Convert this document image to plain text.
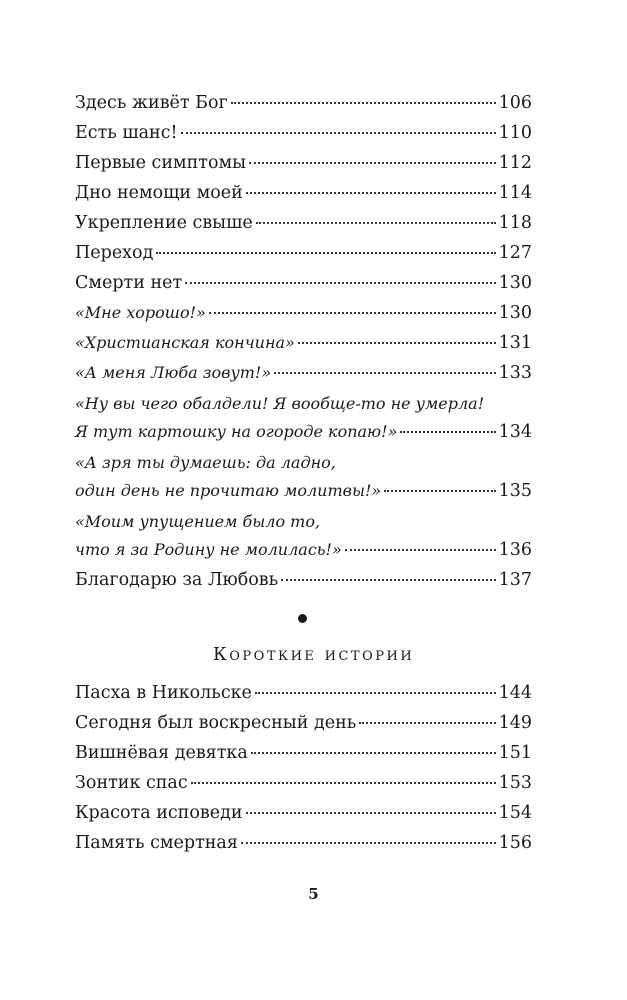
Здесь живёт Бог	106
Есть шанс!	110
Первые симптомы	112
Дно немощи моей	114
Укрепление свыше	118
Переход	127
Смерти нет	130
«Мне хорошо!»	130
«Христианская кончина»	131
«А меня Люба зовут!»	133
«Ну вы чего обалдели! Я вообще-то не умерла!
Я тут картошку на огороде копаю!»	134
«А зря ты думаешь: да ладно,
один день не прочитаю молитвы!»	135
«Моим упущением было то,
что я за Родину не молилась!»	136
Благодарю за Любовь	137
Короткие истории
Пасха в Никольске	144
Сегодня был воскресный день	149
Вишнёвая девятка	151
Зонтик спас	153
Красота исповеди	154
Память смертная	156
5
